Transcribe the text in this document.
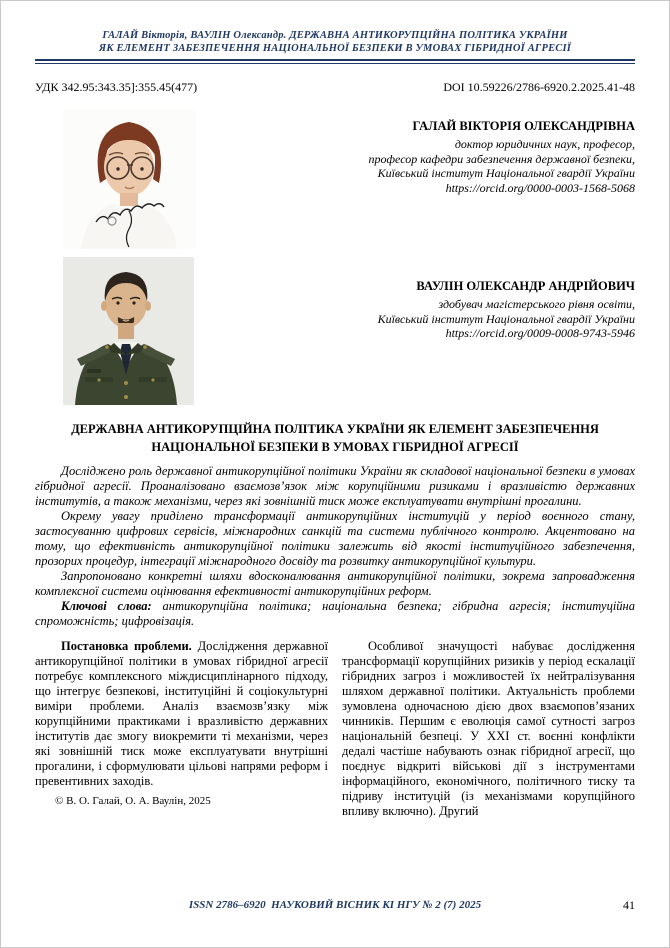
ГАЛАЙ Вікторія, ВАУЛІН Олександр. ДЕРЖАВНА АНТИКОРУПЦІЙНА ПОЛІТИКА УКРАЇНИ
ЯК ЕЛЕМЕНТ ЗАБЕЗПЕЧЕННЯ НАЦІОНАЛЬНОЇ БЕЗПЕКИ В УМОВАХ ГІБРИДНОЇ АГРЕСІЇ
УДК 342.95:343.35]:355.45(477)	DOI 10.59226/2786-6920.2.2025.41-48
ГАЛАЙ ВІКТОРІЯ ОЛЕКСАНДРІВНА
доктор юридичних наук, професор,
професор кафедри забезпечення державної безпеки,
Київський інститут Національної гвардії України
https://orcid.org/0000-0003-1568-5068
ВАУЛІН ОЛЕКСАНДР АНДРІЙОВИЧ
здобувач магістерського рівня освіти,
Київський інститут Національної гвардії України
https://orcid.org/0009-0008-9743-5946
ДЕРЖАВНА АНТИКОРУПЦІЙНА ПОЛІТИКА УКРАЇНИ ЯК ЕЛЕМЕНТ ЗАБЕЗПЕЧЕННЯ
НАЦІОНАЛЬНОЇ БЕЗПЕКИ В УМОВАХ ГІБРИДНОЇ АГРЕСІЇ

Досліджено роль державної антикорупційної політики України як складової національної безпеки в умовах гібридної агресії. Проаналізовано взаємозв’язок між корупційними ризиками і вразливістю державних інститутів, а також механізми, через які зовнішній тиск може експлуатувати внутрішні прогалини.

Окрему увагу приділено трансформації антикорупційних інституцій у період воєнного стану, застосуванню цифрових сервісів, міжнародних санкцій та системи публічного контролю. Акцентовано на тому, що ефективність антикорупційної політики залежить від якості інституційного забезпечення, прозорих процедур, інтеграції міжнародного досвіду та розвитку антикорупційної культури.

Запропоновано конкретні шляхи вдосконалювання антикорупційної політики, зокрема запровадження комплексної системи оцінювання ефективності антикорупційних реформ.

Ключові слова: антикорупційна політика; національна безпека; гібридна агресія; інституційна спроможність; цифровізація.

Постановка проблеми. Дослідження державної антикорупційної політики в умовах гібридної агресії потребує комплексного міждисциплінарного підходу, що інтегрує безпекові, інституційні й соціокультурні виміри проблеми. Аналіз взаємозв’язку між корупційними практиками і вразливістю державних інститутів дає змогу виокремити ті механізми, через які зовнішній тиск може експлуатувати внутрішні прогалини, і сформулювати цільові напрями реформ і превентивних заходів.

© В. О. Галай, О. А. Ваулін, 2025

Особливої значущості набуває дослідження трансформації корупційних ризиків у період ескалації гібридних загроз і можливостей їх нейтралізування шляхом державної політики. Актуальність проблеми зумовлена одночасною дією двох взаємопов’язаних чинників. Першим є еволюція самої сутності загроз національній безпеці. У XXI ст. воєнні конфлікти дедалі частіше набувають ознак гібридної агресії, що поєднує відкриті військові дії з інструментами інформаційного, економічного, політичного тиску та підриву інституцій (із механізмами корупційного впливу включно). Другий

ISSN 2786–6920  НАУКОВИЙ ВІСНИК КІ НГУ № 2 (7) 2025	41
